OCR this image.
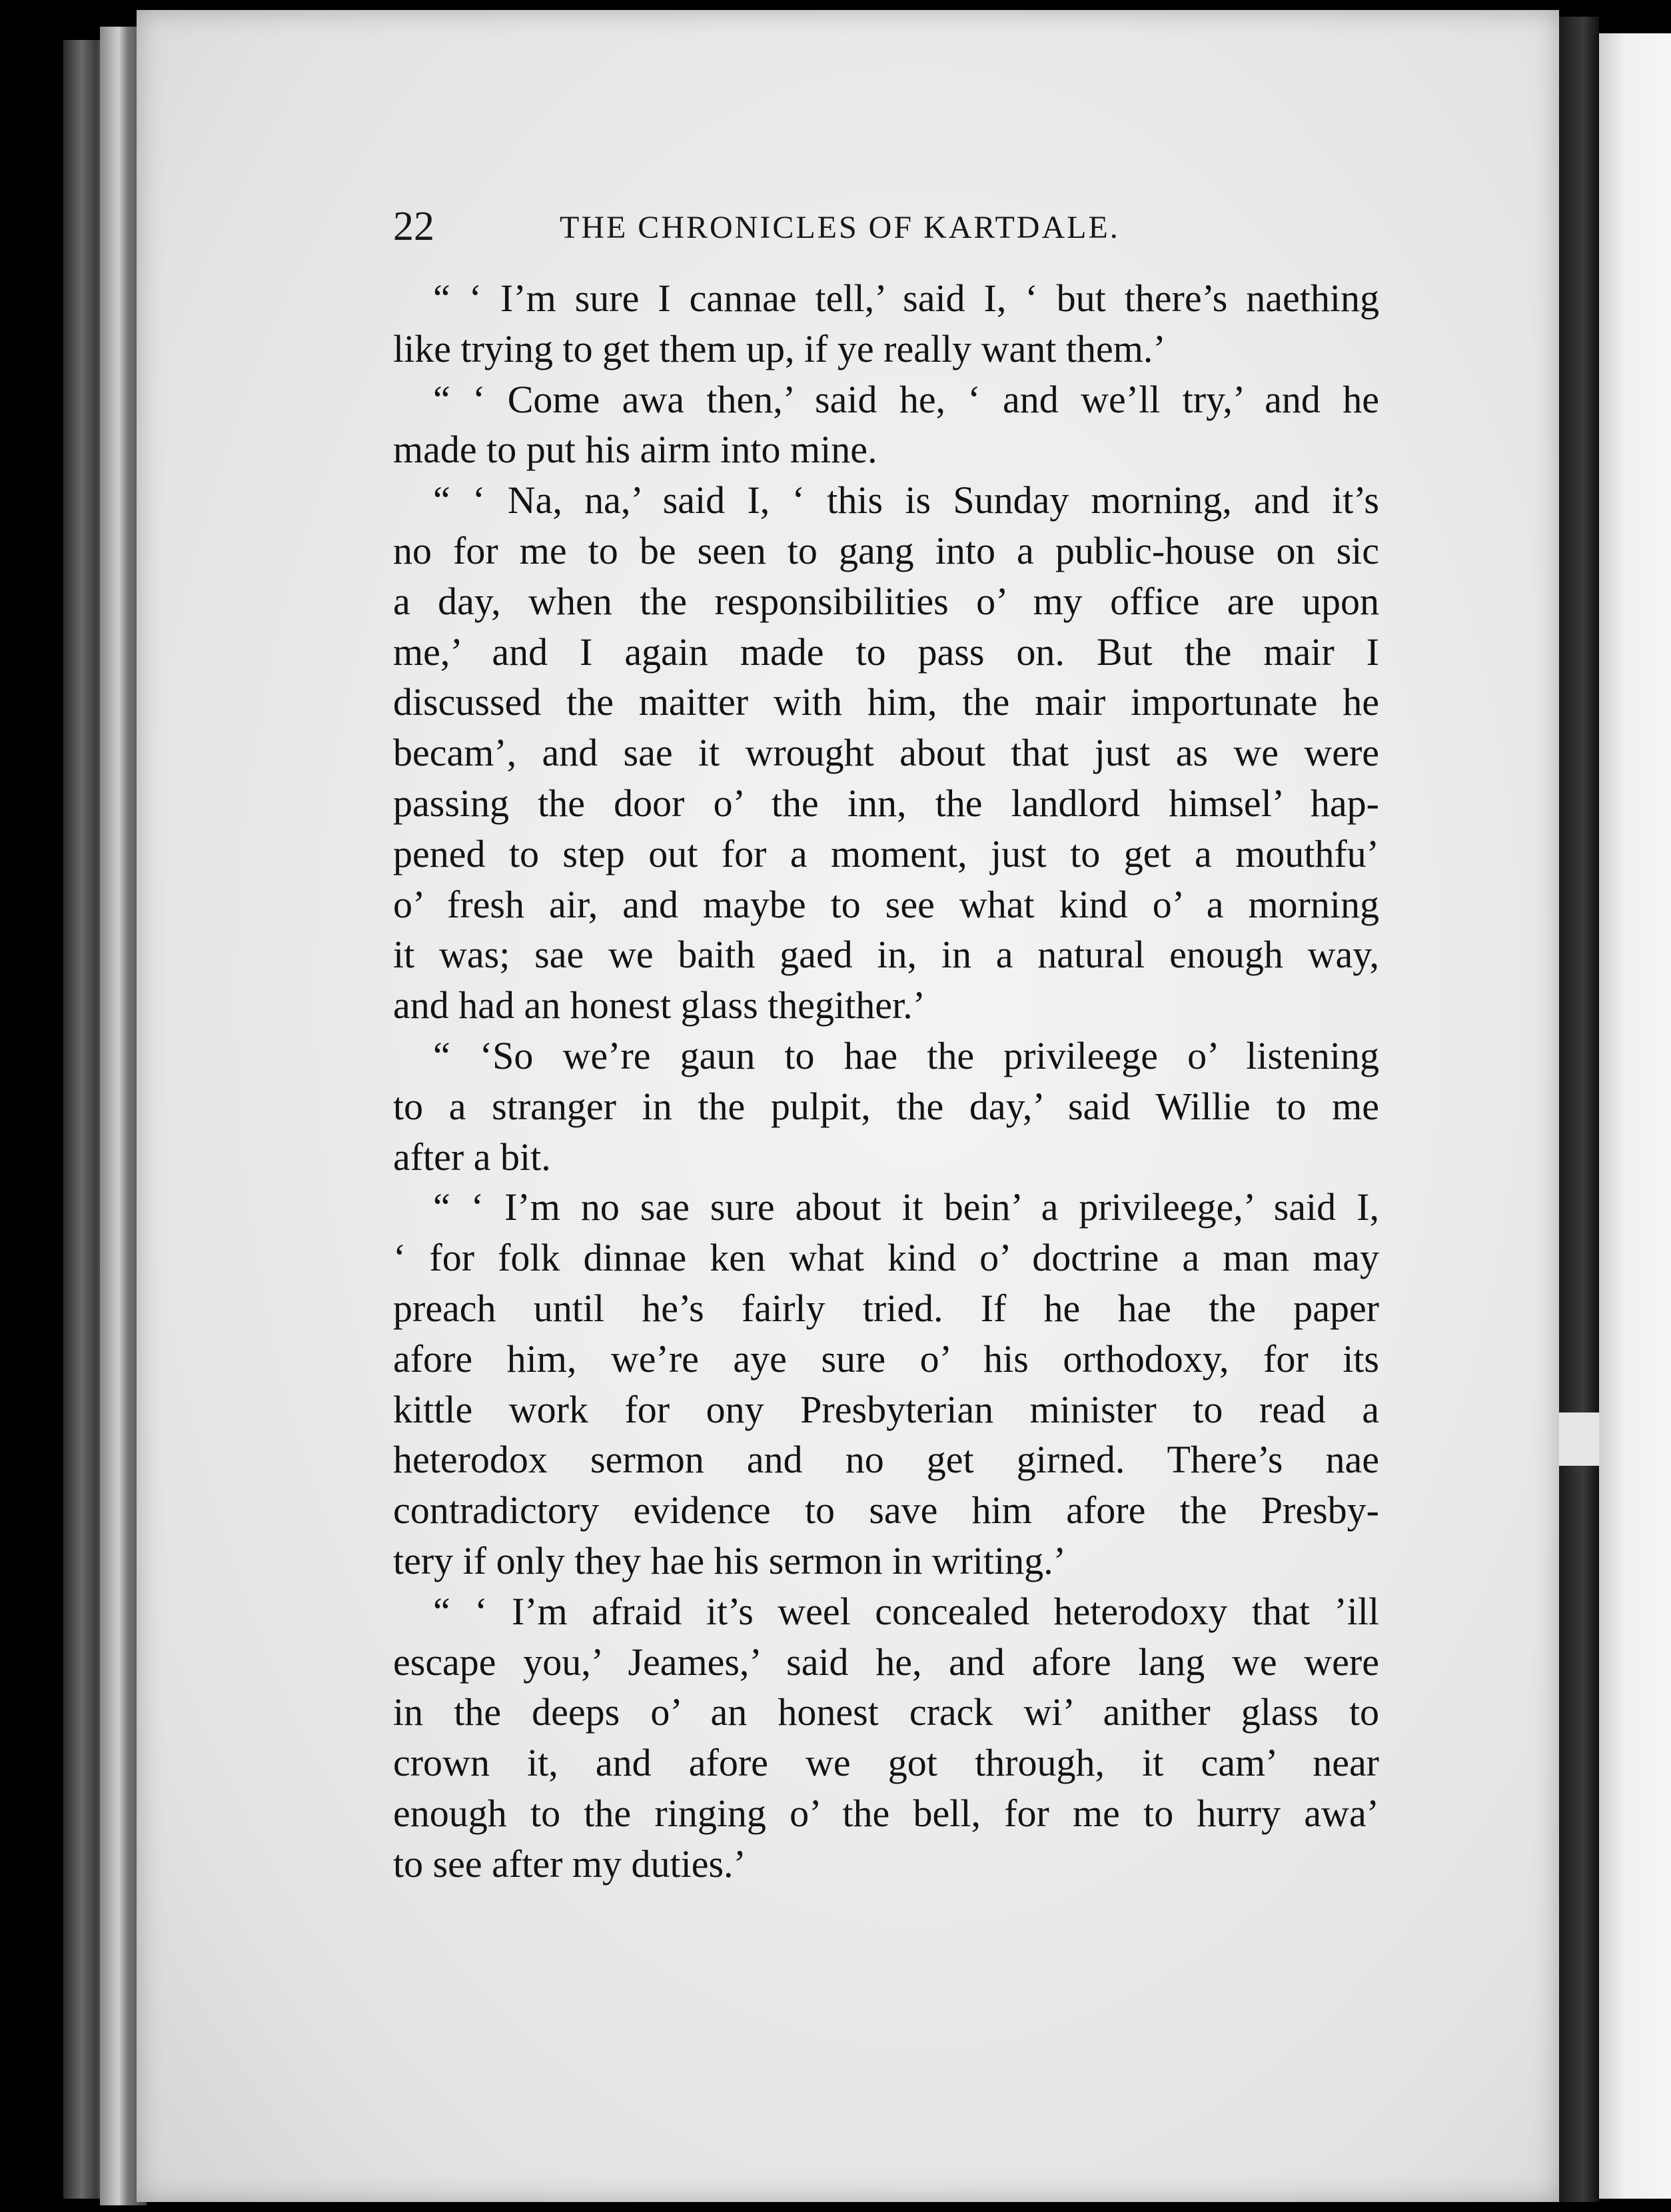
22	THE CHRONICLES OF KARTDALE.
“ ‘ I’m sure I cannae tell,’ said I, ‘ but there’s naething
like trying to get them up, if ye really want them.’
“ ‘ Come awa then,’ said he, ‘ and we’ll try,’ and he
made to put his airm into mine.
“ ‘ Na, na,’ said I, ‘ this is Sunday morning, and it’s
no for me to be seen to gang into a public-house on sic
a day, when the responsibilities o’ my office are upon
me,’ and I again made to pass on. But the mair I
discussed the maitter with him, the mair importunate he
becam’, and sae it wrought about that just as we were
passing the door o’ the inn, the landlord himsel’ hap-
pened to step out for a moment, just to get a mouthfu’
o’ fresh air, and maybe to see what kind o’ a morning
it was; sae we baith gaed in, in a natural enough way,
and had an honest glass thegither.’
“ ‘So we’re gaun to hae the privileege o’ listening
to a stranger in the pulpit, the day,’ said Willie to me
after a bit.
“ ‘ I’m no sae sure about it bein’ a privileege,’ said I,
‘ for folk dinnae ken what kind o’ doctrine a man may
preach until he’s fairly tried. If he hae the paper
afore him, we’re aye sure o’ his orthodoxy, for its
kittle work for ony Presbyterian minister to read a
heterodox sermon and no get girned. There’s nae
contradictory evidence to save him afore the Presby-
tery if only they hae his sermon in writing.’
“ ‘ I’m afraid it’s weel concealed heterodoxy that ’ill
escape you,’ Jeames,’ said he, and afore lang we were
in the deeps o’ an honest crack wi’ anither glass to
crown it, and afore we got through, it cam’ near
enough to the ringing o’ the bell, for me to hurry awa’
to see after my duties.’
